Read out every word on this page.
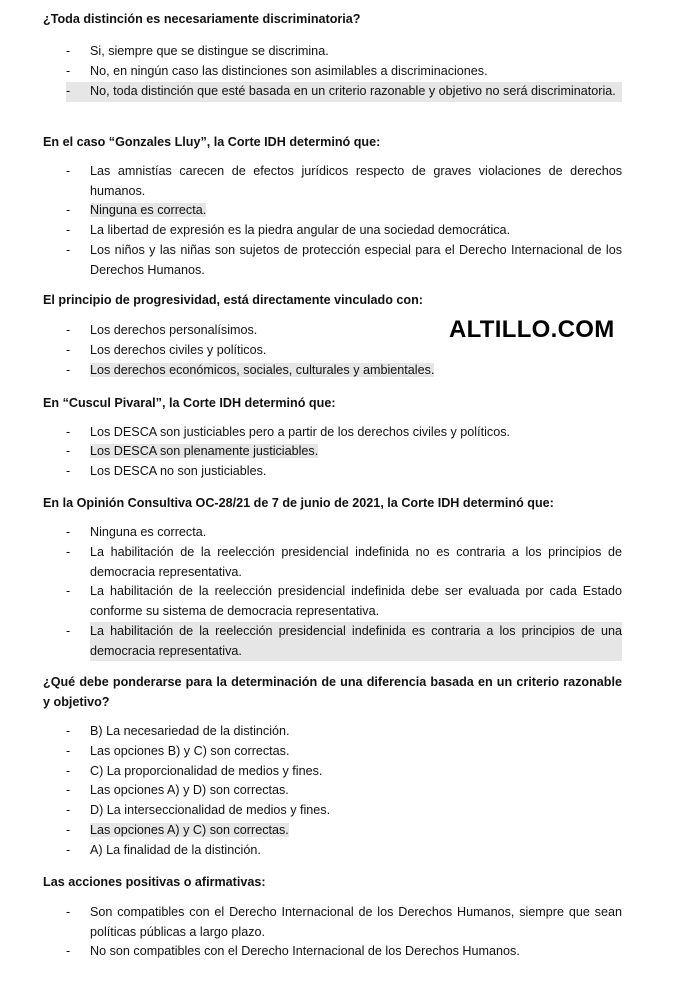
ALTILLO.COM
¿Toda distinción es necesariamente discriminatoria?
-	Si, siempre que se distingue se discrimina.
-	No, en ningún caso las distinciones son asimilables a discriminaciones.
-	No, toda distinción que esté basada en un criterio razonable y objetivo no será discriminatoria.
En el caso “Gonzales Lluy”, la Corte IDH determinó que:
-	Las amnistías carecen de efectos jurídicos respecto de graves violaciones de derechos humanos.
-	Ninguna es correcta.
-	La libertad de expresión es la piedra angular de una sociedad democrática.
-	Los niños y las niñas son sujetos de protección especial para el Derecho Internacional de los Derechos Humanos.
El principio de progresividad, está directamente vinculado con:
-	Los derechos personalísimos.
-	Los derechos civiles y políticos.
-	Los derechos económicos, sociales, culturales y ambientales.
En “Cuscul Pivaral”, la Corte IDH determinó que:
-	Los DESCA son justiciables pero a partir de los derechos civiles y políticos.
-	Los DESCA son plenamente justiciables.
-	Los DESCA no son justiciables.
En la Opinión Consultiva OC-28/21 de 7 de junio de 2021, la Corte IDH determinó que:
-	Ninguna es correcta.
-	La habilitación de la reelección presidencial indefinida no es contraria a los principios de democracia representativa.
-	La habilitación de la reelección presidencial indefinida debe ser evaluada por cada Estado conforme su sistema de democracia representativa.
-	La habilitación de la reelección presidencial indefinida es contraria a los principios de una democracia representativa.
¿Qué debe ponderarse para la determinación de una diferencia basada en un criterio razonable y objetivo?
-	B) La necesariedad de la distinción.
-	Las opciones B) y C) son correctas.
-	C) La proporcionalidad de medios y fines.
-	Las opciones A) y D) son correctas.
-	D) La interseccionalidad de medios y fines.
-	Las opciones A) y C) son correctas.
-	A) La finalidad de la distinción.
Las acciones positivas o afirmativas:
-	Son compatibles con el Derecho Internacional de los Derechos Humanos, siempre que sean políticas públicas a largo plazo.
-	No son compatibles con el Derecho Internacional de los Derechos Humanos.
